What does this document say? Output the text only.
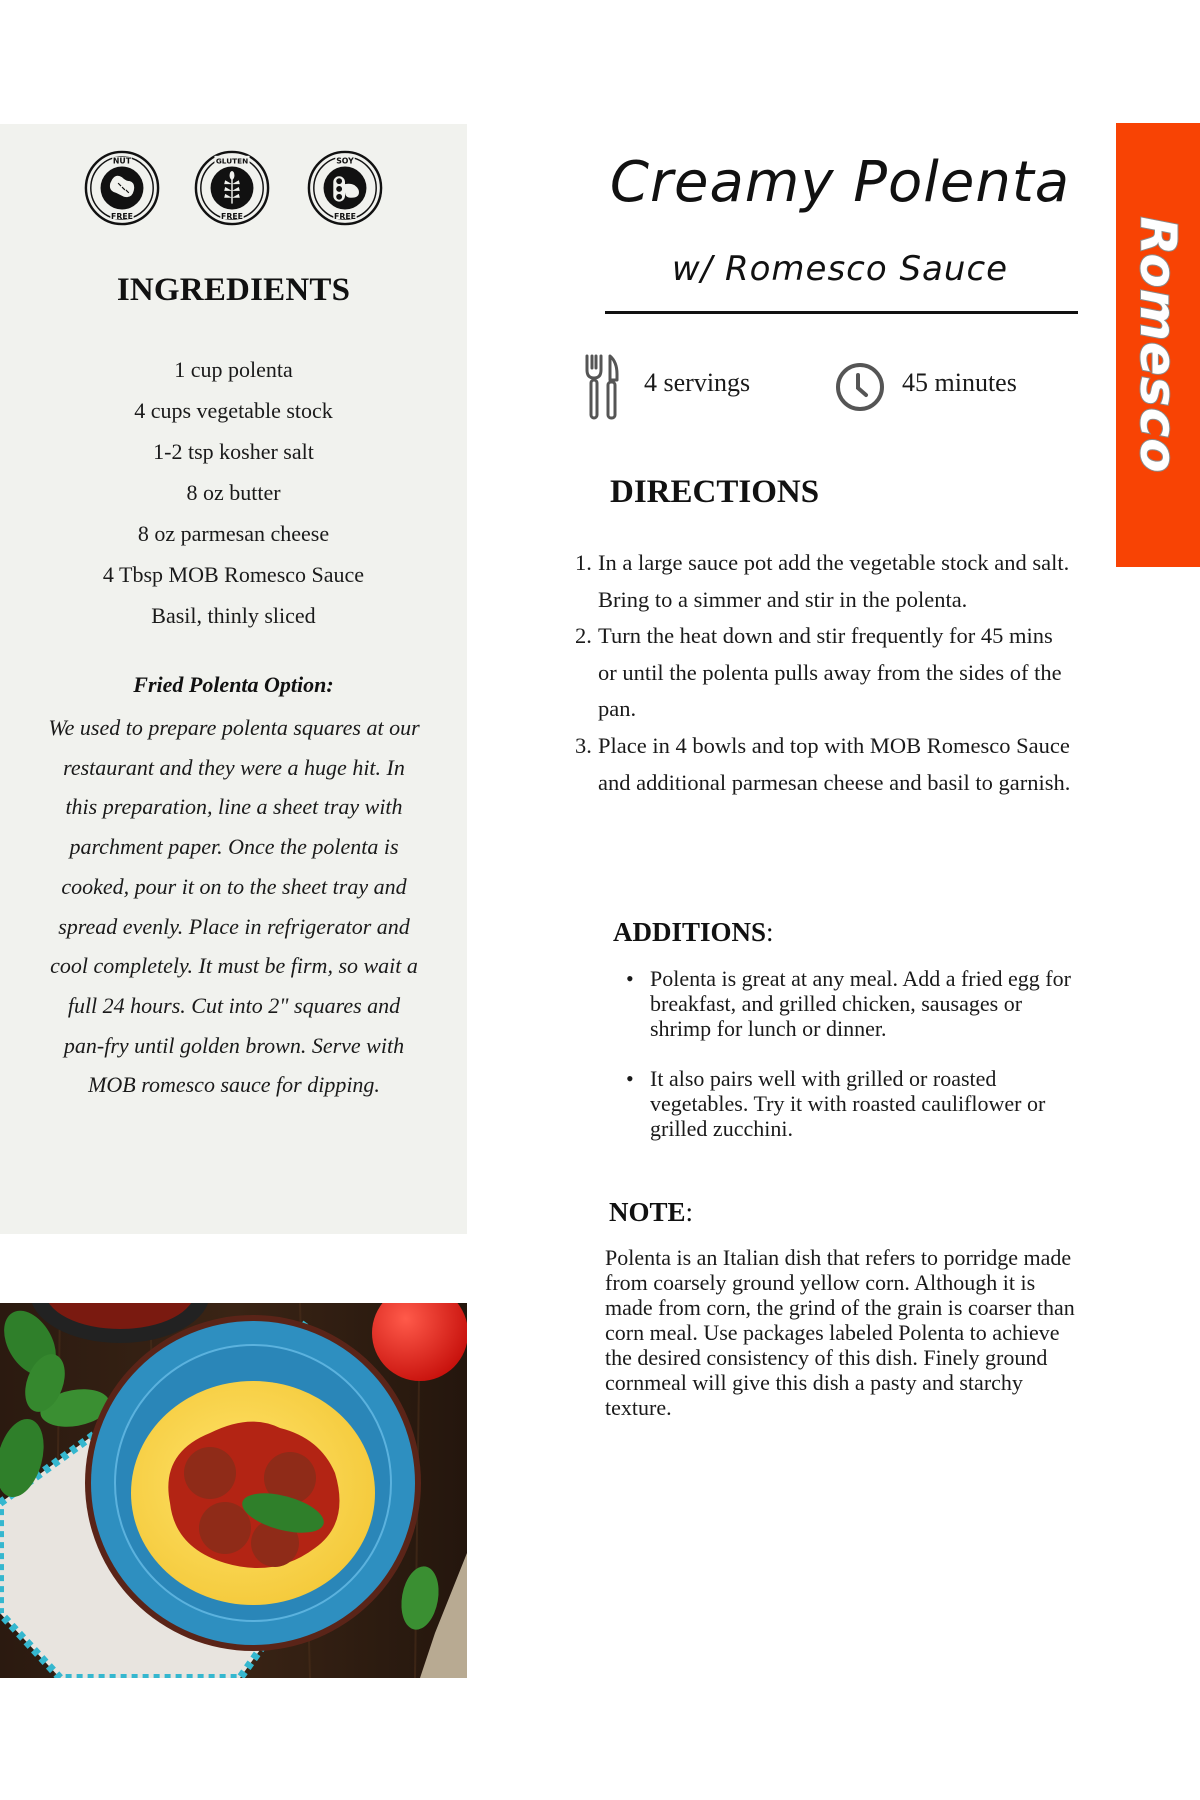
NUT
FREE
GLUTEN
FREE
SOY
FREE
INGREDIENTS
1 cup polenta
4 cups vegetable stock
1-2 tsp kosher salt
8 oz butter
8 oz parmesan cheese
4 Tbsp MOB Romesco Sauce
Basil, thinly sliced
Fried Polenta Option:
We used to prepare polenta squares at our restaurant and they were a huge hit. In this preparation, line a sheet tray with parchment paper. Once the polenta is cooked, pour it on to the sheet tray and spread evenly. Place in refrigerator and cool completely. It must be firm, so wait a full 24 hours. Cut into 2" squares and pan-fry until golden brown. Serve with MOB romesco sauce for dipping.
Creamy Polenta
w/ Romesco Sauce
4 servings	45 minutes
DIRECTIONS
1. In a large sauce pot add the vegetable stock and salt. Bring to a simmer and stir in the polenta.
2. Turn the heat down and stir frequently for 45 mins or until the polenta pulls away from the sides of the pan.
3. Place in 4 bowls and top with MOB Romesco Sauce and additional parmesan cheese and basil to garnish.
ADDITIONS:
• Polenta is great at any meal. Add a fried egg for breakfast, and grilled chicken, sausages or shrimp for lunch or dinner.
• It also pairs well with grilled or roasted vegetables. Try it with roasted cauliflower or grilled zucchini.
NOTE:
Polenta is an Italian dish that refers to porridge made from coarsely ground yellow corn. Although it is made from corn, the grind of the grain is coarser than corn meal. Use packages labeled Polenta to achieve the desired consistency of this dish. Finely ground cornmeal will give this dish a pasty and starchy texture.
Romesco
